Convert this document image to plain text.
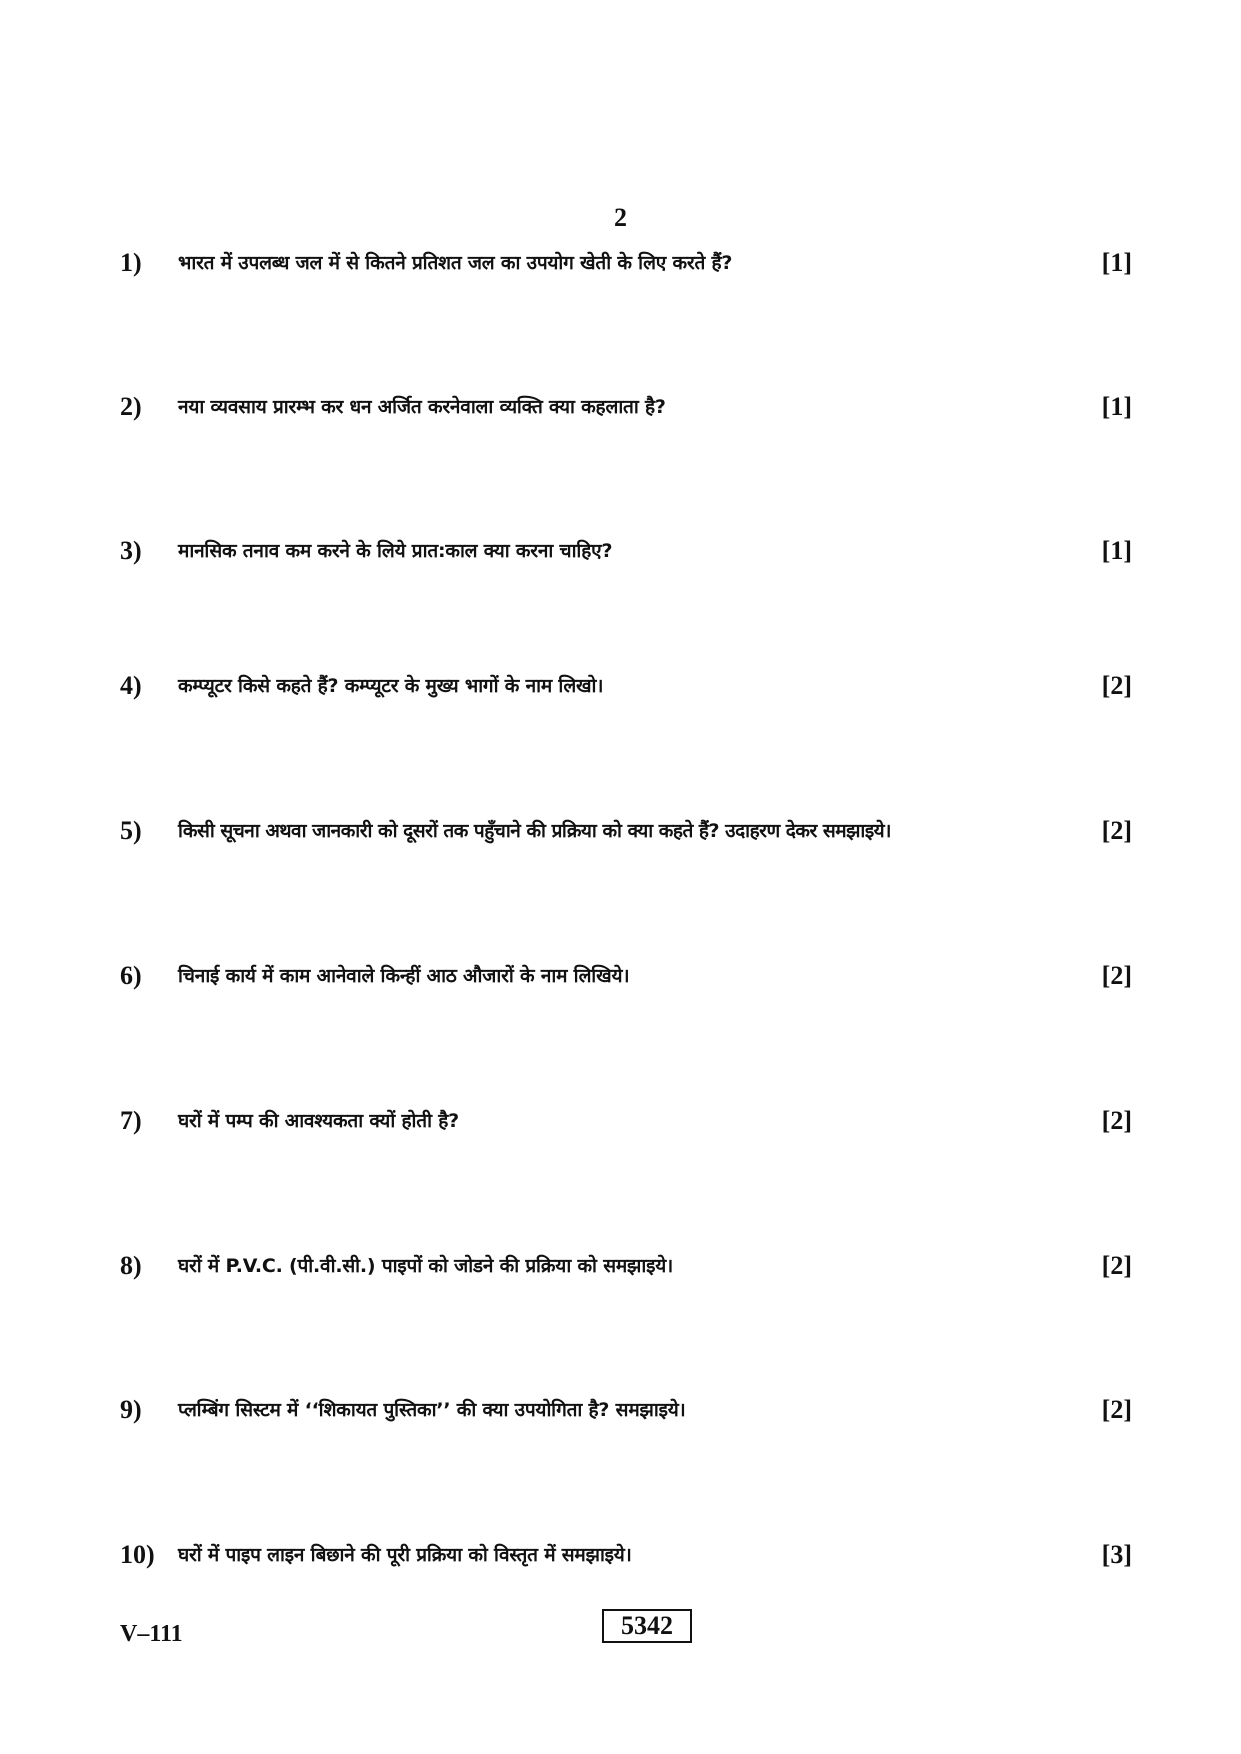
2
1) भारत में उपलब्ध जल में से कितने प्रतिशत जल का उपयोग खेती के लिए करते हैं?	[1]
2) नया व्यवसाय प्रारम्भ कर धन अर्जित करनेवाला व्यक्ति क्या कहलाता है?	[1]
3) मानसिक तनाव कम करने के लिये प्रात:काल क्या करना चाहिए?	[1]
4) कम्प्यूटर किसे कहते हैं? कम्प्यूटर के मुख्य भागों के नाम लिखो।	[2]
5) किसी सूचना अथवा जानकारी को दूसरों तक पहुँचाने की प्रक्रिया को क्या कहते हैं? उदाहरण देकर समझाइये।	[2]
6) चिनाई कार्य में काम आनेवाले किन्हीं आठ औजारों के नाम लिखिये।	[2]
7) घरों में पम्प की आवश्यकता क्यों होती है?	[2]
8) घरों में P.V.C. (पी.वी.सी.) पाइपों को जोडने की प्रक्रिया को समझाइये।	[2]
9) प्लम्बिंग सिस्टम में ‘‘शिकायत पुस्तिका’’ की क्या उपयोगिता है? समझाइये।	[2]
10) घरों में पाइप लाइन बिछाने की पूरी प्रक्रिया को विस्तृत में समझाइये।	[3]
V–111	5342
